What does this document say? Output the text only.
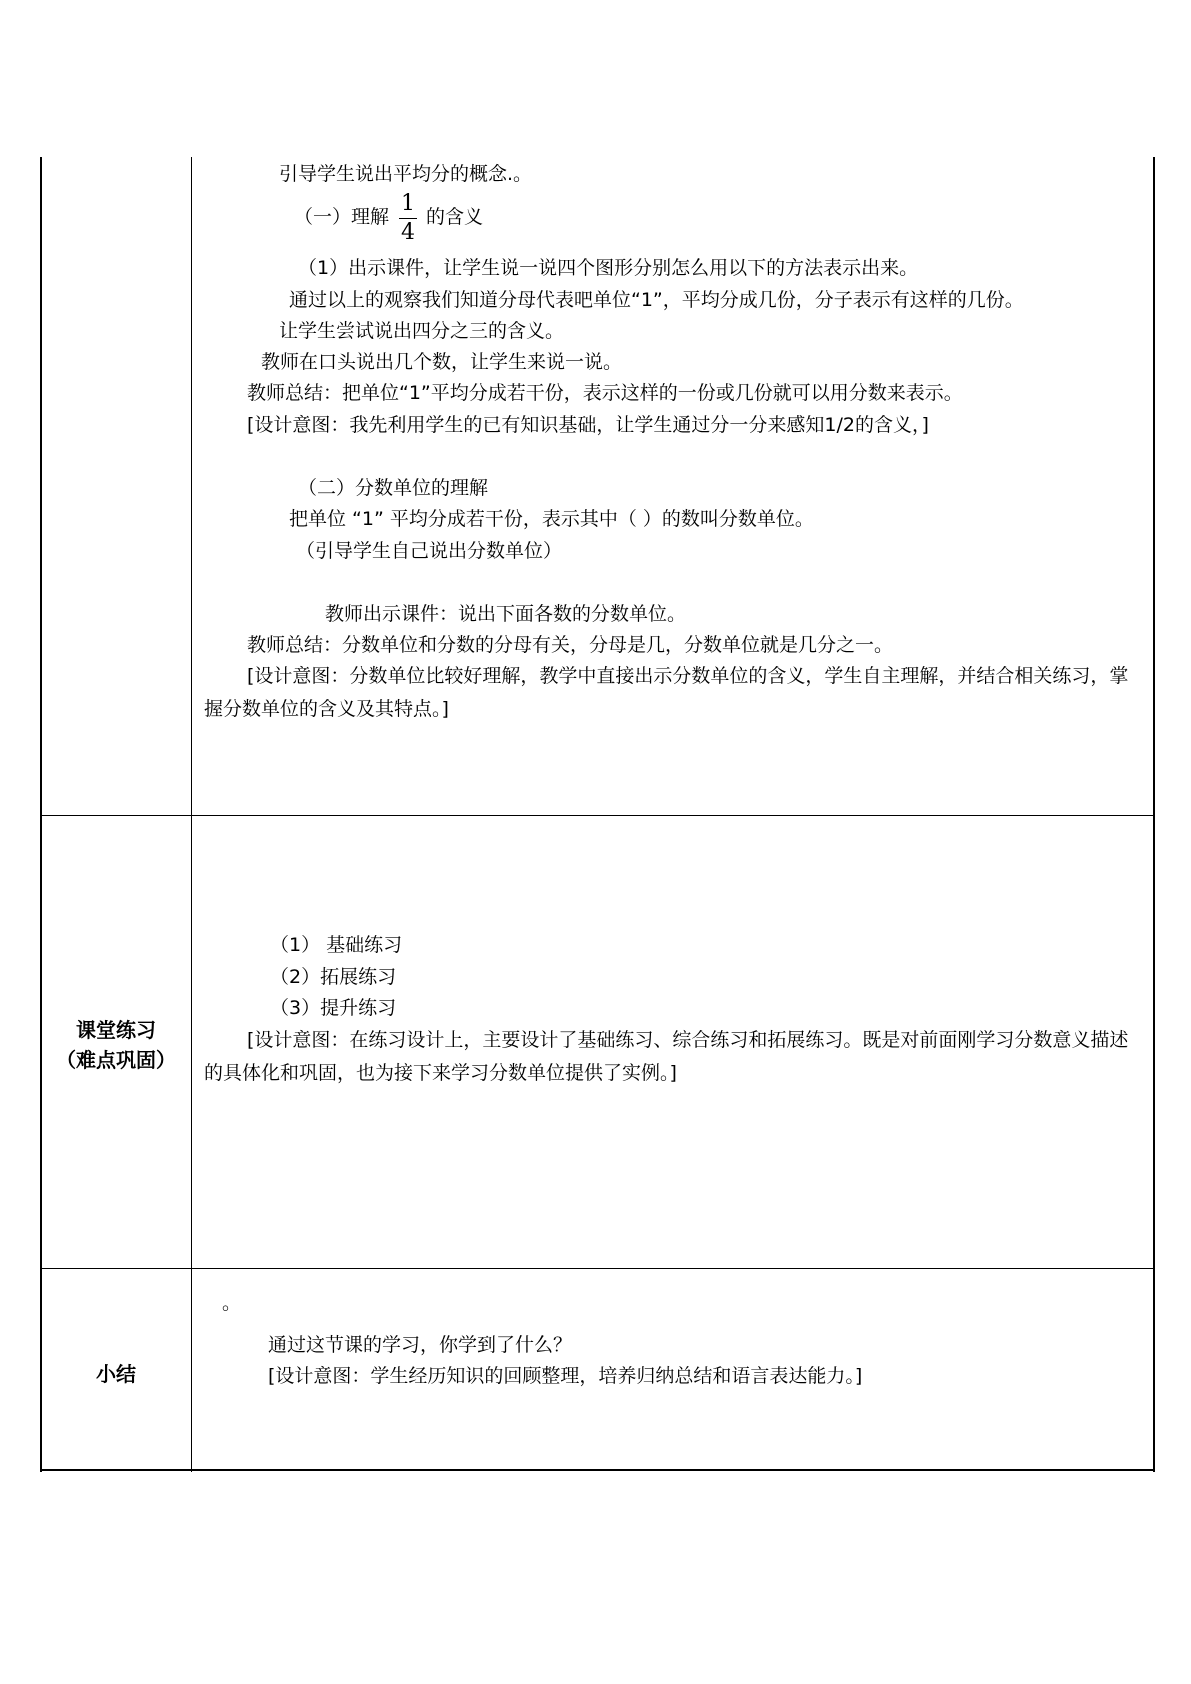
引导学生说出平均分的概念.。
（一）理解
1
4
的含义
（1）出示课件，让学生说一说四个图形分别怎么用以下的方法表示出来。
通过以上的观察我们知道分母代表吧单位“1”，平均分成几份，分子表示有这样的几份。
让学生尝试说出四分之三的含义。
教师在口头说出几个数，让学生来说一说。
教师总结：把单位“1”平均分成若干份，表示这样的一份或几份就可以用分数来表示。
[设计意图：我先利用学生的已有知识基础，让学生通过分一分来感知1/2的含义，]
（二）分数单位的理解
把单位 “1” 平均分成若干份，表示其中（ ）的数叫分数单位。
（引导学生自己说出分数单位）
教师出示课件：说出下面各数的分数单位。
教师总结：分数单位和分数的分母有关，分母是几，分数单位就是几分之一。
[设计意图：分数单位比较好理解，教学中直接出示分数单位的含义，学生自主理解，并结合相关练习，掌握分数单位的含义及其特点。]
课堂练习
（难点巩固）
（1） 基础练习
（2）拓展练习
（3）提升练习
[设计意图：在练习设计上，主要设计了基础练习、综合练习和拓展练习。既是对前面刚学习分数意义描述的具体化和巩固，也为接下来学习分数单位提供了实例。]
小结
。
通过这节课的学习，你学到了什么？
[设计意图：学生经历知识的回顾整理，培养归纳总结和语言表达能力。]
